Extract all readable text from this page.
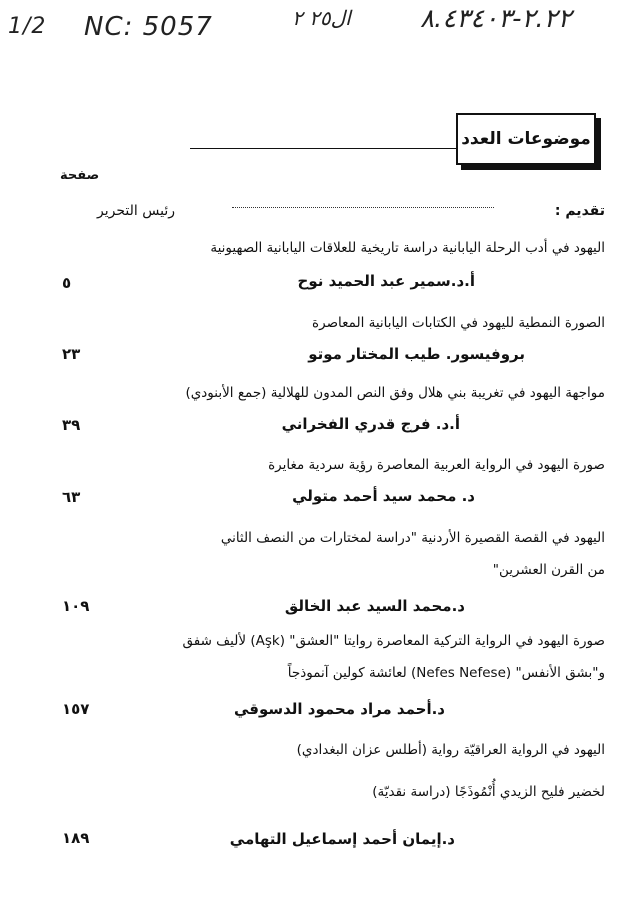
1/2 NC: 5057	ال٢٥ ٢	٢.٢٢-٨.٤٣٤٠٣
موضوعات العدد
صفحة
تقديم :
رئيس التحرير
اليهود في أدب الرحلة اليابانية دراسة تاريخية للعلاقات اليابانية الصهيونية
أ.د.سمير عبد الحميد نوح
٥
الصورة النمطية لليهود في الكتابات اليابانية المعاصرة
بروفيسور. طيب المختار موتو
٢٣
مواجهة اليهود في تغريبة بني هلال وفق النص المدون للهلالية (جمع الأبنودي)
أ.د. فرج قدري الفخراني
٣٩
صورة اليهود في الرواية العربية المعاصرة رؤية سردية مغايرة
د. محمد سيد أحمد متولي
٦٣
اليهود في القصة القصيرة الأردنية "دراسة لمختارات من النصف الثاني
من القرن العشرين"
د.محمد السيد عبد الخالق
١٠٩
صورة اليهود في الرواية التركية المعاصرة روايتا "العشق" (Aşk) لأليف شفق
و"بشق الأنفس" (Nefes Nefese) لعائشة كولين آنموذجاً
د.أحمد مراد محمود الدسوقي
١٥٧
اليهود في الرواية العراقيّة رواية (أطلس عزان البغدادي)
لخضير فليح الزيدي أُنْمُوذَجًا (دراسة نقديّة)
د.إيمان أحمد إسماعيل التهامي
١٨٩
